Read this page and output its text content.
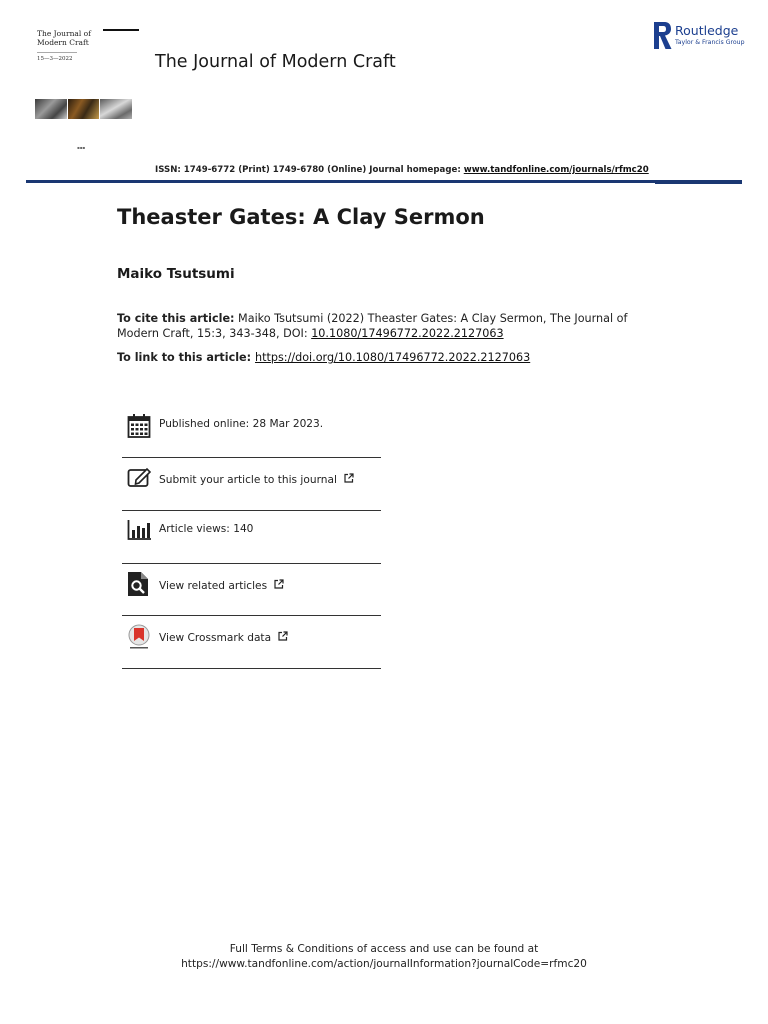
The Journal of
Modern Craft
15—3—2022
▪▪▪
The Journal of Modern Craft
Routledge
Taylor & Francis Group
ISSN: 1749-6772 (Print) 1749-6780 (Online) Journal homepage: www.tandfonline.com/journals/rfmc20
Theaster Gates: A Clay Sermon
Maiko Tsutsumi
To cite this article: Maiko Tsutsumi (2022) Theaster Gates: A Clay Sermon, The Journal of Modern Craft, 15:3, 343-348, DOI: 10.1080/17496772.2022.2127063
To link to this article: https://doi.org/10.1080/17496772.2022.2127063
Published online: 28 Mar 2023.
Submit your article to this journal
Article views: 140
View related articles
View Crossmark data
Full Terms & Conditions of access and use can be found at
https://www.tandfonline.com/action/journalInformation?journalCode=rfmc20
